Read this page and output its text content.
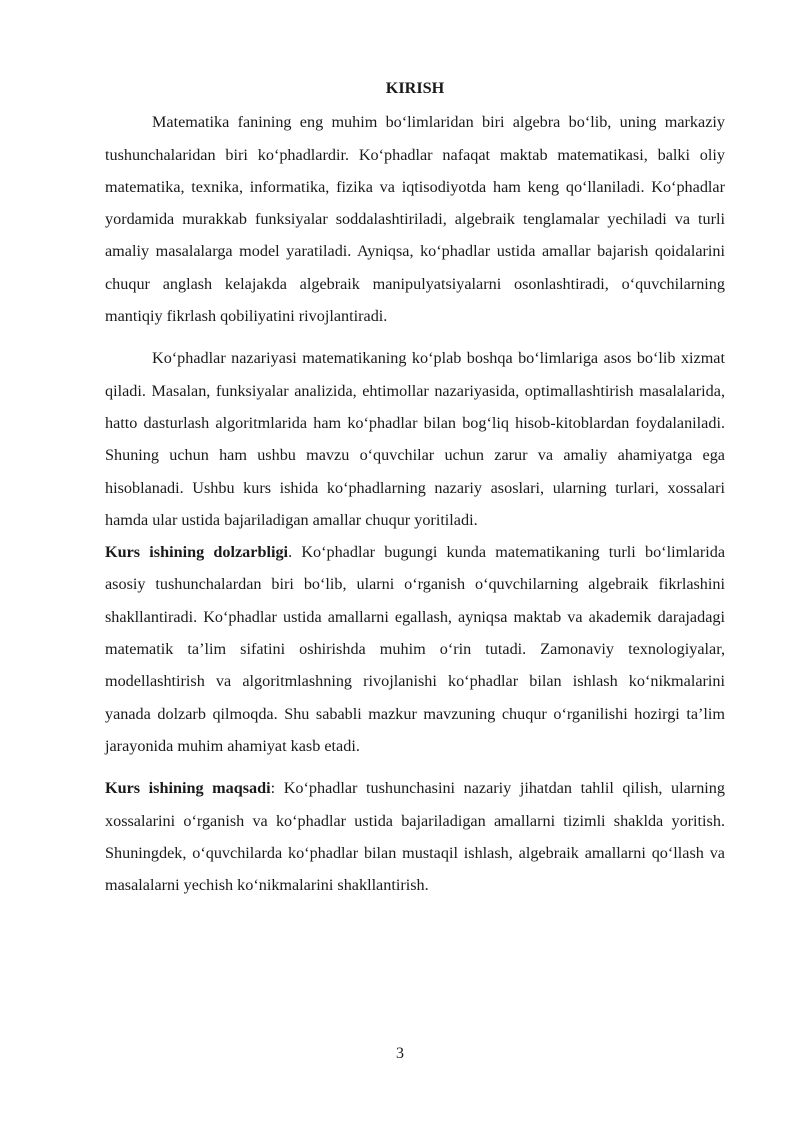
KIRISH

Matematika fanining eng muhim bo‘limlaridan biri algebra bo‘lib, uning markaziy tushunchalaridan biri ko‘phadlardir. Ko‘phadlar nafaqat maktab matematikasi, balki oliy matematika, texnika, informatika, fizika va iqtisodiyotda ham keng qo‘llaniladi. Ko‘phadlar yordamida murakkab funksiyalar soddalashtiriladi, algebraik tenglamalar yechiladi va turli amaliy masalalarga model yaratiladi. Ayniqsa, ko‘phadlar ustida amallar bajarish qoidalarini chuqur anglash kelajakda algebraik manipulyatsiyalarni osonlashtiradi, o‘quvchilarning mantiqiy fikrlash qobiliyatini rivojlantiradi.

Ko‘phadlar nazariyasi matematikaning ko‘plab boshqa bo‘limlariga asos bo‘lib xizmat qiladi. Masalan, funksiyalar analizida, ehtimollar nazariyasida, optimallashtirish masalalarida, hatto dasturlash algoritmlarida ham ko‘phadlar bilan bog‘liq hisob-kitoblardan foydalaniladi. Shuning uchun ham ushbu mavzu o‘quvchilar uchun zarur va amaliy ahamiyatga ega hisoblanadi. Ushbu kurs ishida ko‘phadlarning nazariy asoslari, ularning turlari, xossalari hamda ular ustida bajariladigan amallar chuqur yoritiladi.

Kurs ishining dolzarbligi. Ko‘phadlar bugungi kunda matematikaning turli bo‘limlarida asosiy tushunchalardan biri bo‘lib, ularni o‘rganish o‘quvchilarning algebraik fikrlashini shakllantiradi. Ko‘phadlar ustida amallarni egallash, ayniqsa maktab va akademik darajadagi matematik ta’lim sifatini oshirishda muhim o‘rin tutadi. Zamonaviy texnologiyalar, modellashtirish va algoritmlashning rivojlanishi ko‘phadlar bilan ishlash ko‘nikmalarini yanada dolzarb qilmoqda. Shu sababli mazkur mavzuning chuqur o‘rganilishi hozirgi ta’lim jarayonida muhim ahamiyat kasb etadi.

Kurs ishining maqsadi: Ko‘phadlar tushunchasini nazariy jihatdan tahlil qilish, ularning xossalarini o‘rganish va ko‘phadlar ustida bajariladigan amallarni tizimli shaklda yoritish. Shuningdek, o‘quvchilarda ko‘phadlar bilan mustaqil ishlash, algebraik amallarni qo‘llash va masalalarni yechish ko‘nikmalarini shakllantirish.

3
